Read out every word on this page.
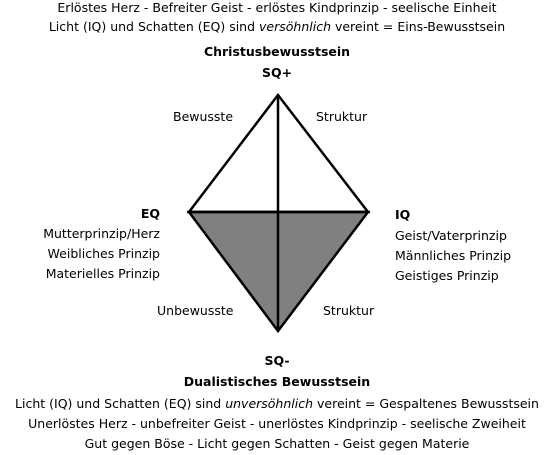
Erlöstes Herz - Befreiter Geist - erlöstes Kindprinzip - seelische Einheit
Licht (IQ) und Schatten (EQ) sind versöhnlich vereint = Eins-Bewusstsein
Christusbewusstsein
SQ+
Bewusste	Struktur
Unbewusste	Struktur
EQ
Mutterprinzip/Herz
Weibliches Prinzip
Materielles Prinzip
IQ
Geist/Vaterprinzip
Männliches Prinzip
Geistiges Prinzip
SQ-
Dualistisches Bewusstsein
Licht (IQ) und Schatten (EQ) sind unversöhnlich vereint = Gespaltenes Bewusstsein
Unerlöstes Herz - unbefreiter Geist - unerlöstes Kindprinzip - seelische Zweiheit
Gut gegen Böse - Licht gegen Schatten - Geist gegen Materie
